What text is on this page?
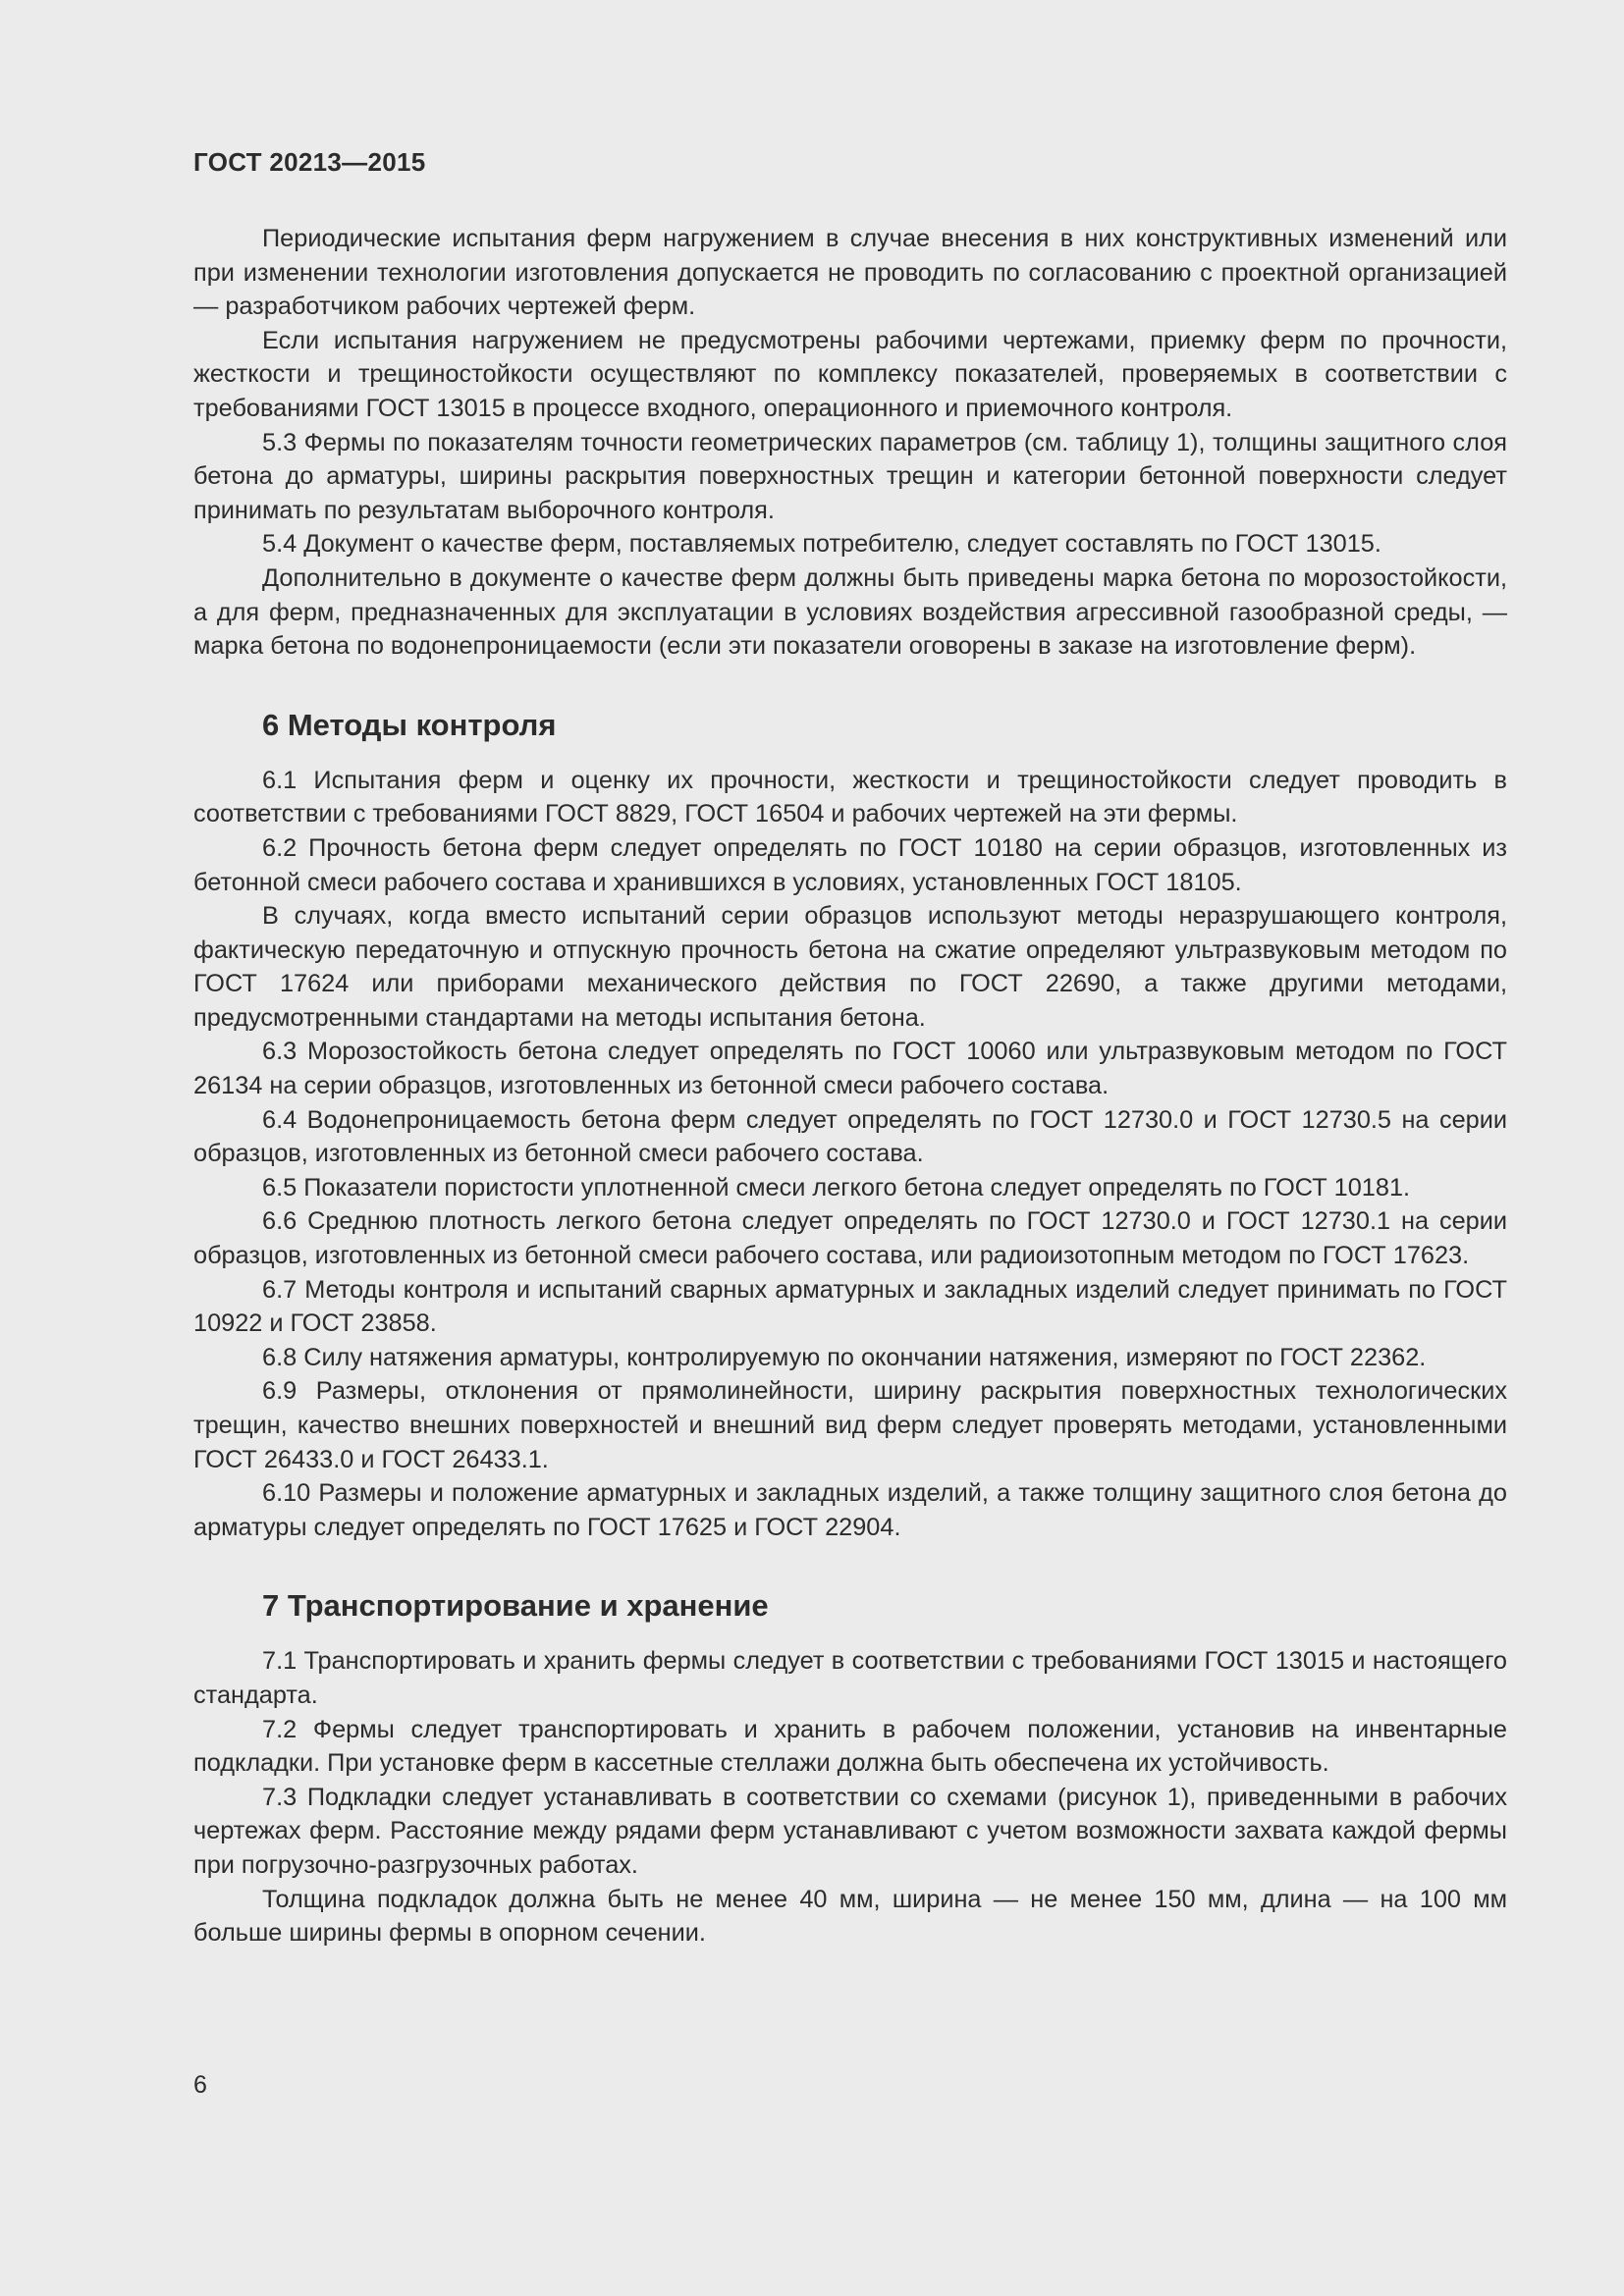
ГОСТ 20213—2015

Периодические испытания ферм нагружением в случае внесения в них конструктивных изменений или при изменении технологии изготовления допускается не проводить по согласованию с проектной организацией — разработчиком рабочих чертежей ферм.

Если испытания нагружением не предусмотрены рабочими чертежами, приемку ферм по прочности, жесткости и трещиностойкости осуществляют по комплексу показателей, проверяемых в соответствии с требованиями ГОСТ 13015 в процессе входного, операционного и приемочного контроля.

5.3 Фермы по показателям точности геометрических параметров (см. таблицу 1), толщины защитного слоя бетона до арматуры, ширины раскрытия поверхностных трещин и категории бетонной поверхности следует принимать по результатам выборочного контроля.

5.4 Документ о качестве ферм, поставляемых потребителю, следует составлять по ГОСТ 13015.

Дополнительно в документе о качестве ферм должны быть приведены марка бетона по морозостойкости, а для ферм, предназначенных для эксплуатации в условиях воздействия агрессивной газообразной среды, — марка бетона по водонепроницаемости (если эти показатели оговорены в заказе на изготовление ферм).

6 Методы контроля

6.1 Испытания ферм и оценку их прочности, жесткости и трещиностойкости следует проводить в соответствии с требованиями ГОСТ 8829, ГОСТ 16504 и рабочих чертежей на эти фермы.

6.2 Прочность бетона ферм следует определять по ГОСТ 10180 на серии образцов, изготовленных из бетонной смеси рабочего состава и хранившихся в условиях, установленных ГОСТ 18105.

В случаях, когда вместо испытаний серии образцов используют методы неразрушающего контроля, фактическую передаточную и отпускную прочность бетона на сжатие определяют ультразвуковым методом по ГОСТ 17624 или приборами механического действия по ГОСТ 22690, а также другими методами, предусмотренными стандартами на методы испытания бетона.

6.3 Морозостойкость бетона следует определять по ГОСТ 10060 или ультразвуковым методом по ГОСТ 26134 на серии образцов, изготовленных из бетонной смеси рабочего состава.

6.4 Водонепроницаемость бетона ферм следует определять по ГОСТ 12730.0 и ГОСТ 12730.5 на серии образцов, изготовленных из бетонной смеси рабочего состава.

6.5 Показатели пористости уплотненной смеси легкого бетона следует определять по ГОСТ 10181.

6.6 Среднюю плотность легкого бетона следует определять по ГОСТ 12730.0 и ГОСТ 12730.1 на серии образцов, изготовленных из бетонной смеси рабочего состава, или радиоизотопным методом по ГОСТ 17623.

6.7 Методы контроля и испытаний сварных арматурных и закладных изделий следует принимать по ГОСТ 10922 и ГОСТ 23858.

6.8 Силу натяжения арматуры, контролируемую по окончании натяжения, измеряют по ГОСТ 22362.

6.9 Размеры, отклонения от прямолинейности, ширину раскрытия поверхностных технологических трещин, качество внешних поверхностей и внешний вид ферм следует проверять методами, установленными ГОСТ 26433.0 и ГОСТ 26433.1.

6.10 Размеры и положение арматурных и закладных изделий, а также толщину защитного слоя бетона до арматуры следует определять по ГОСТ 17625 и ГОСТ 22904.

7 Транспортирование и хранение

7.1 Транспортировать и хранить фермы следует в соответствии с требованиями ГОСТ 13015 и настоящего стандарта.

7.2 Фермы следует транспортировать и хранить в рабочем положении, установив на инвентарные подкладки. При установке ферм в кассетные стеллажи должна быть обеспечена их устойчивость.

7.3 Подкладки следует устанавливать в соответствии со схемами (рисунок 1), приведенными в рабочих чертежах ферм. Расстояние между рядами ферм устанавливают с учетом возможности захвата каждой фермы при погрузочно-разгрузочных работах.

Толщина подкладок должна быть не менее 40 мм, ширина — не менее 150 мм, длина — на 100 мм больше ширины фермы в опорном сечении.

6
